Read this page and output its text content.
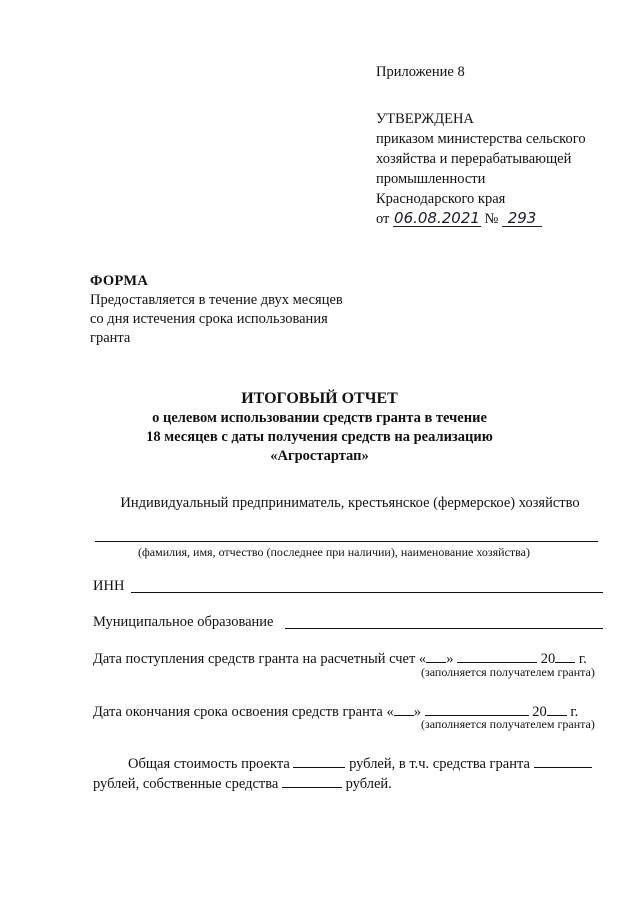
Приложение 8
УТВЕРЖДЕНА
приказом министерства сельского
хозяйства и перерабатывающей
промышленности
Краснодарского края
от 06.08.2021 № 293
ФОРМА
Предоставляется в течение двух месяцев
со дня истечения срока использования
гранта
ИТОГОВЫЙ ОТЧЕТ
о целевом использовании средств гранта в течение
18 месяцев с даты получения средств на реализацию
«Агростартап»
Индивидуальный предприниматель, крестьянское (фермерское) хозяйство
(фамилия, имя, отчество (последнее при наличии), наименование хозяйства)
ИНН
Муниципальное образование
Дата поступления средств гранта на расчетный счет « »	20 г.
(заполняется получателем гранта)
Дата окончания срока освоения средств гранта « »	20 г.
(заполняется получателем гранта)
Общая стоимость проекта	рублей, в т.ч. средства гранта
рублей, собственные средства	рублей.
